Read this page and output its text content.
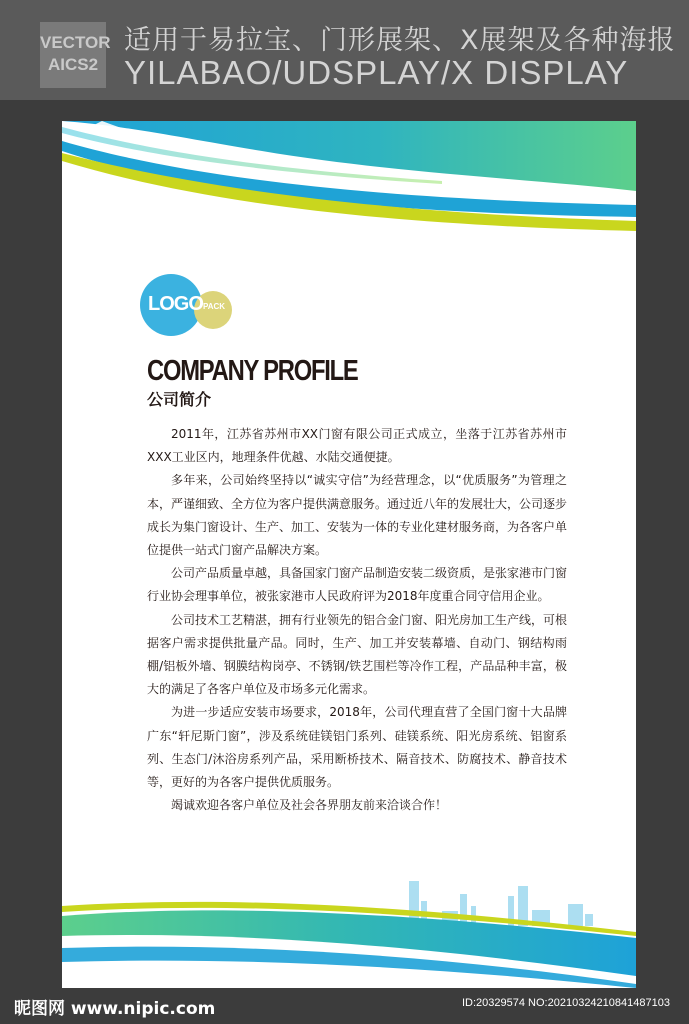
VECTOR
AICS2
适用于易拉宝、门形展架、X展架及各种海报
YILABAO/UDSPLAY/X DISPLAY
LOGO PACK
COMPANY PROFILE
公司简介

2011年，江苏省苏州市XX门窗有限公司正式成立，坐落于江苏省苏州市XXX工业区内，地理条件优越、水陆交通便捷。

多年来，公司始终坚持以“诚实守信”为经营理念，以“优质服务”为管理之本，严谨细致、全方位为客户提供满意服务。通过近八年的发展壮大，公司逐步成长为集门窗设计、生产、加工、安装为一体的专业化建材服务商，为各客户单位提供一站式门窗产品解决方案。

公司产品质量卓越，具备国家门窗产品制造安装二级资质，是张家港市门窗行业协会理事单位，被张家港市人民政府评为2018年度重合同守信用企业。

公司技术工艺精湛，拥有行业领先的铝合金门窗、阳光房加工生产线，可根据客户需求提供批量产品。同时，生产、加工并安装幕墙、自动门、钢结构雨棚/铝板外墙、钢膜结构岗亭、不锈钢/铁艺围栏等冷作工程，产品品种丰富，极大的满足了各客户单位及市场多元化需求。

为进一步适应安装市场要求，2018年，公司代理直营了全国门窗十大品牌广东“轩尼斯门窗”，涉及系统硅镁铝门系列、硅镁系统、阳光房系统、铝窗系列、生态门/沐浴房系列产品，采用断桥技术、隔音技术、防腐技术、静音技术等，更好的为各客户提供优质服务。

竭诚欢迎各客户单位及社会各界朋友前来洽谈合作！

昵图网 www.nipic.com	ID:20329574 NO:20210324210841487103
